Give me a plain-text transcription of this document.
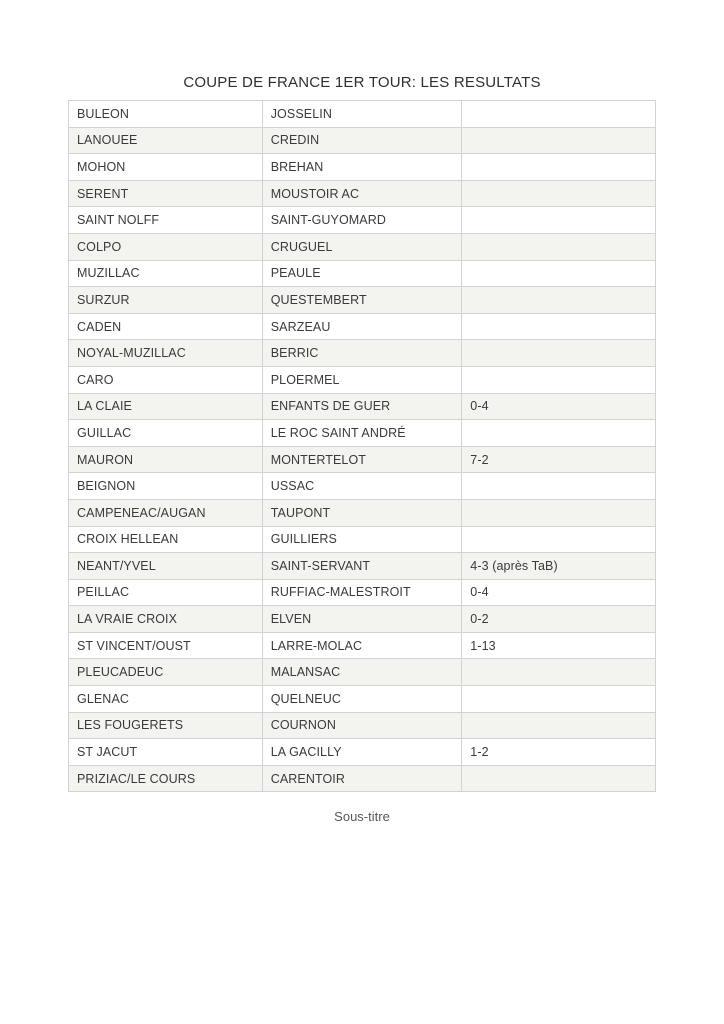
COUPE DE FRANCE 1ER TOUR: LES RESULTATS
BULEON	JOSSELIN	
LANOUEE	CREDIN	
MOHON	BREHAN	
SERENT	MOUSTOIR AC	
SAINT NOLFF	SAINT-GUYOMARD	
COLPO	CRUGUEL	
MUZILLAC	PEAULE	
SURZUR	QUESTEMBERT	
CADEN	SARZEAU	
NOYAL-MUZILLAC	BERRIC	
CARO	PLOERMEL	
LA CLAIE	ENFANTS DE GUER	0-4
GUILLAC	LE ROC SAINT ANDRÉ	
MAURON	MONTERTELOT	7-2
BEIGNON	USSAC	
CAMPENEAC/AUGAN	TAUPONT	
CROIX HELLEAN	GUILLIERS	
NEANT/YVEL	SAINT-SERVANT	4-3 (après TaB)
PEILLAC	RUFFIAC-MALESTROIT	0-4
LA VRAIE CROIX	ELVEN	0-2
ST VINCENT/OUST	LARRE-MOLAC	1-13
PLEUCADEUC	MALANSAC	
GLENAC	QUELNEUC	
LES FOUGERETS	COURNON	
ST JACUT	LA GACILLY	1-2
PRIZIAC/LE COURS	CARENTOIR	
Sous-titre
